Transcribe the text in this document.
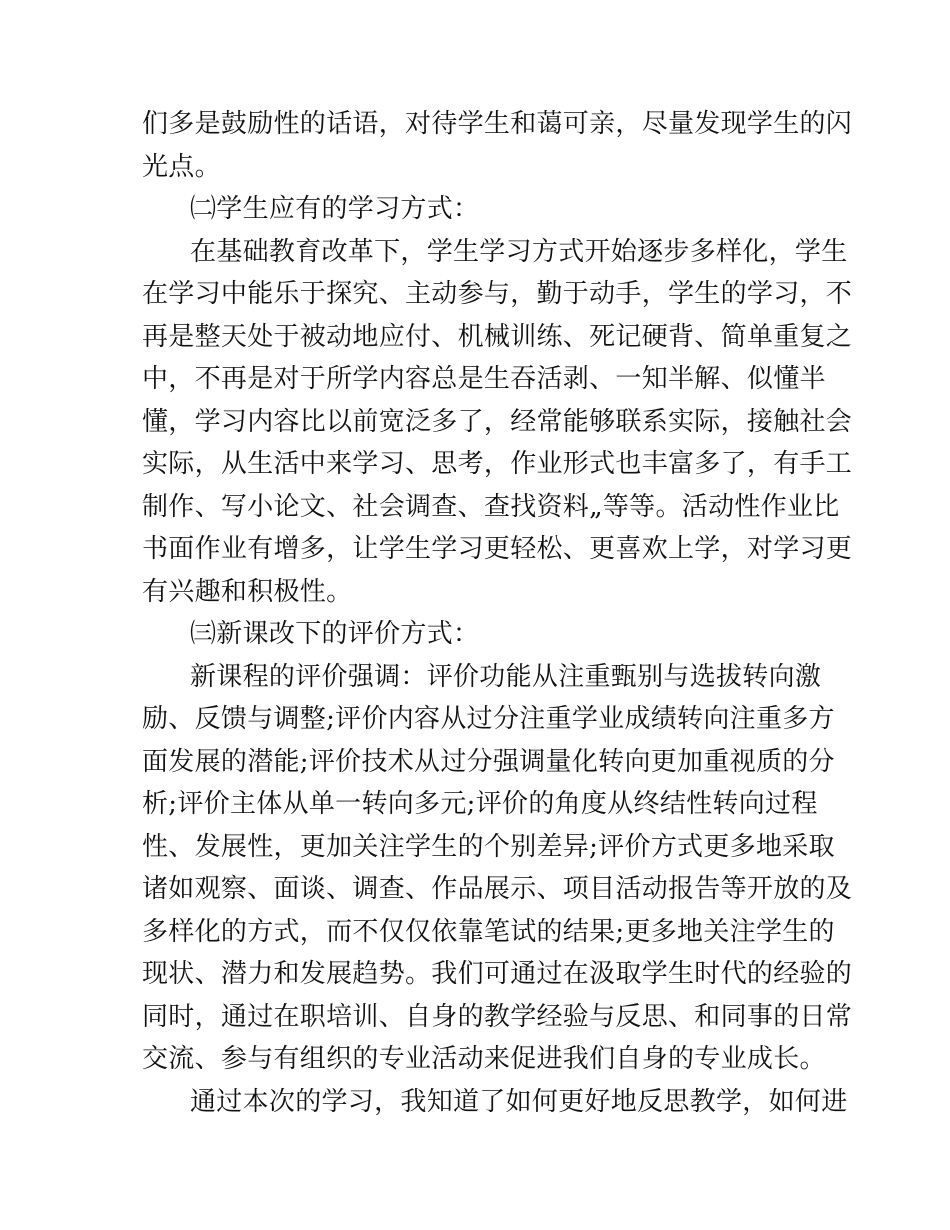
们多是鼓励性的话语，对待学生和蔼可亲，尽量发现学生的闪
光点。
㈡学生应有的学习方式：
在基础教育改革下，学生学习方式开始逐步多样化，学生
在学习中能乐于探究、主动参与，勤于动手，学生的学习，不
再是整天处于被动地应付、机械训练、死记硬背、简单重复之
中，不再是对于所学内容总是生吞活剥、一知半解、似懂半
懂，学习内容比以前宽泛多了，经常能够联系实际，接触社会
实际，从生活中来学习、思考，作业形式也丰富多了，有手工
制作、写小论文、社会调查、查找资料„等等。活动性作业比
书面作业有增多，让学生学习更轻松、更喜欢上学，对学习更
有兴趣和积极性。
㈢新课改下的评价方式：
新课程的评价强调：评价功能从注重甄别与选拔转向激
励、反馈与调整;评价内容从过分注重学业成绩转向注重多方
面发展的潜能;评价技术从过分强调量化转向更加重视质的分
析;评价主体从单一转向多元;评价的角度从终结性转向过程
性、发展性，更加关注学生的个别差异;评价方式更多地采取
诸如观察、面谈、调查、作品展示、项目活动报告等开放的及
多样化的方式，而不仅仅依靠笔试的结果;更多地关注学生的
现状、潜力和发展趋势。我们可通过在汲取学生时代的经验的
同时，通过在职培训、自身的教学经验与反思、和同事的日常
交流、参与有组织的专业活动来促进我们自身的专业成长。
通过本次的学习，我知道了如何更好地反思教学，如何进
